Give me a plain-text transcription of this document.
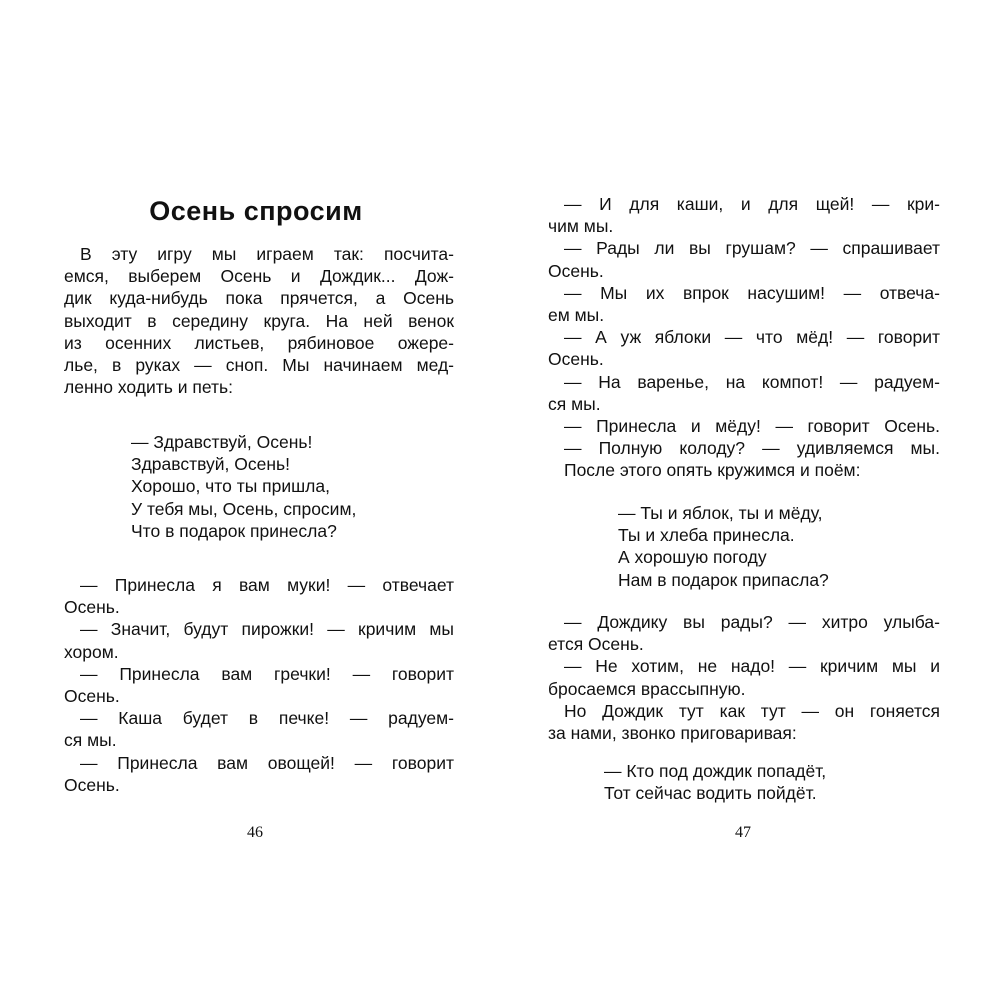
Осень спросим
В эту игру мы играем так: посчита-
емся, выберем Осень и Дождик... Дож-
дик куда-нибудь пока прячется, а Осень
выходит в середину круга. На ней венок
из осенних листьев, рябиновое ожере-
лье, в руках — сноп. Мы начинаем мед-
ленно ходить и петь:
— Здравствуй, Осень!
Здравствуй, Осень!
Хорошо, что ты пришла,
У тебя мы, Осень, спросим,
Что в подарок принесла?
— Принесла я вам муки! — отвечает
Осень.
— Значит, будут пирожки! — кричим мы
хором.
— Принесла вам гречки! — говорит
Осень.
— Каша будет в печке! — радуем-
ся мы.
— Принесла вам овощей! — говорит
Осень.
46
— И для каши, и для щей! — кри-
чим мы.
— Рады ли вы грушам? — спрашивает
Осень.
— Мы их впрок насушим! — отвеча-
ем мы.
— А уж яблоки — что мёд! — говорит
Осень.
— На варенье, на компот! — радуем-
ся мы.
— Принесла и мёду! — говорит Осень.
— Полную колоду? — удивляемся мы.
После этого опять кружимся и поём:
— Ты и яблок, ты и мёду,
Ты и хлеба принесла.
А хорошую погоду
Нам в подарок припасла?
— Дождику вы рады? — хитро улыба-
ется Осень.
— Не хотим, не надо! — кричим мы и
бросаемся врассыпную.
Но Дождик тут как тут — он гоняется
за нами, звонко приговаривая:
— Кто под дождик попадёт,
Тот сейчас водить пойдёт.
47
